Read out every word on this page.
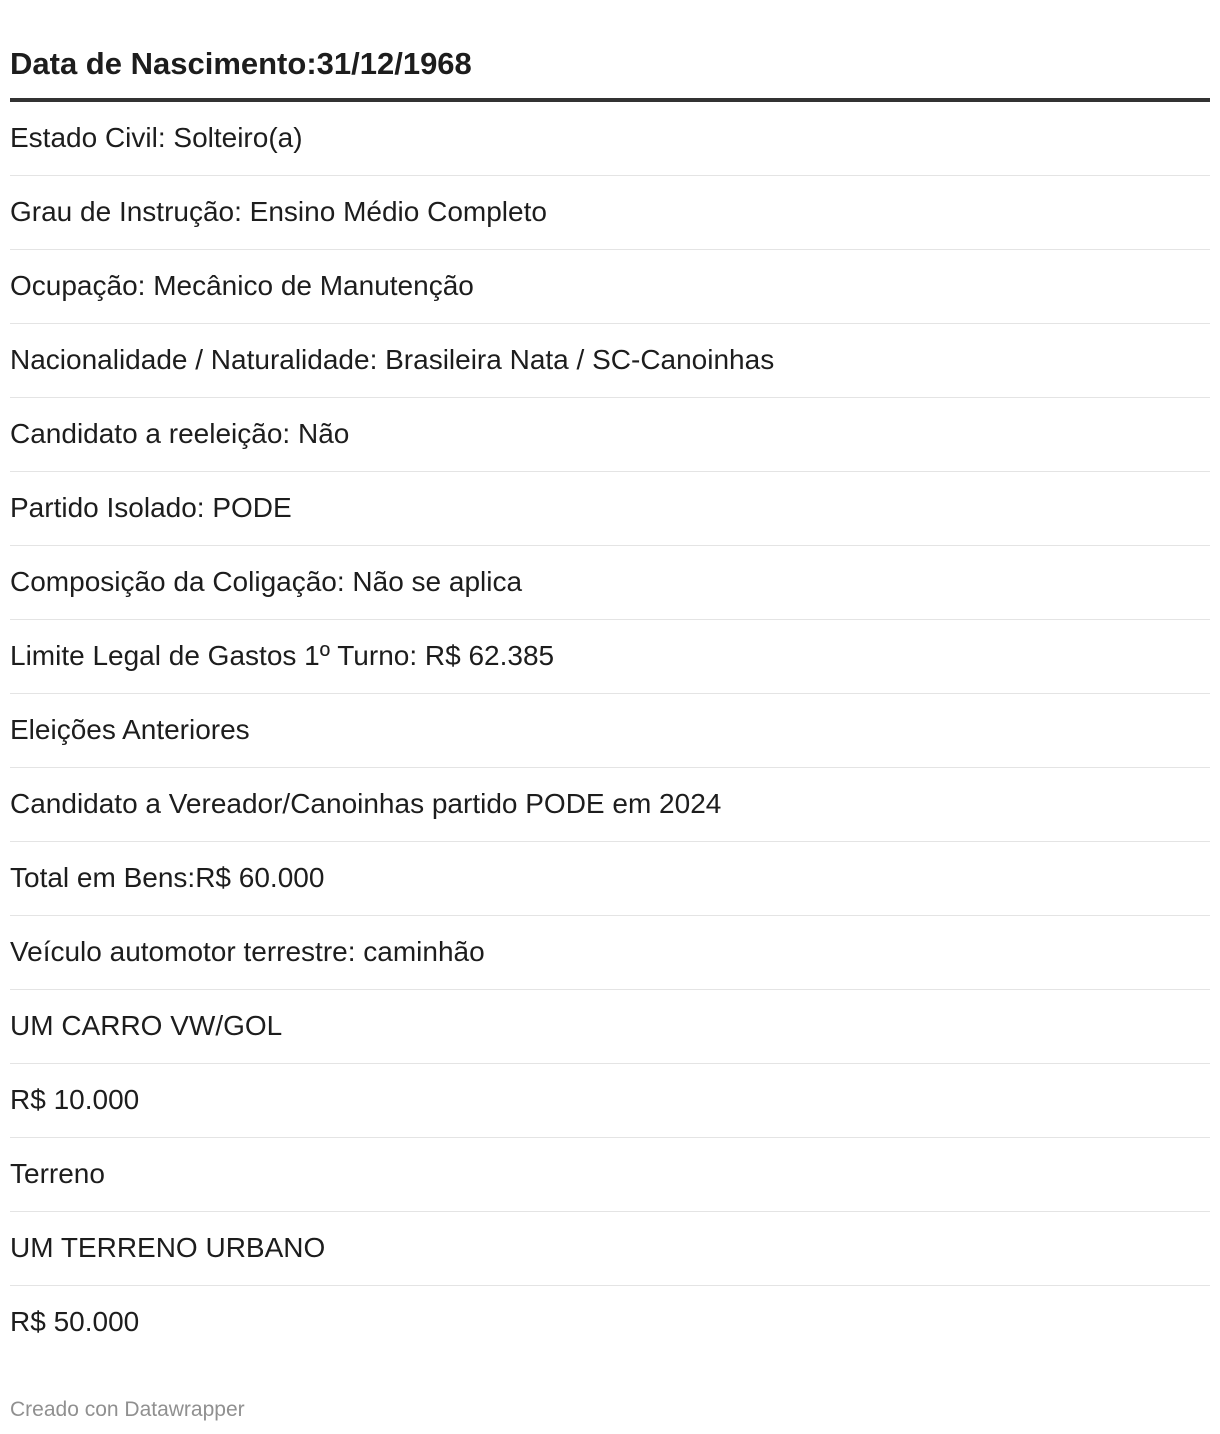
Data de Nascimento:31/12/1968
Estado Civil: Solteiro(a)
Grau de Instrução: Ensino Médio Completo
Ocupação: Mecânico de Manutenção
Nacionalidade / Naturalidade: Brasileira Nata / SC-Canoinhas
Candidato a reeleição: Não
Partido Isolado: PODE
Composição da Coligação: Não se aplica
Limite Legal de Gastos 1º Turno: R$ 62.385
Eleições Anteriores
Candidato a Vereador/Canoinhas partido PODE em 2024
Total em Bens:R$ 60.000
Veículo automotor terrestre: caminhão
UM CARRO VW/GOL
R$ 10.000
Terreno
UM TERRENO URBANO
R$ 50.000
Creado con Datawrapper
